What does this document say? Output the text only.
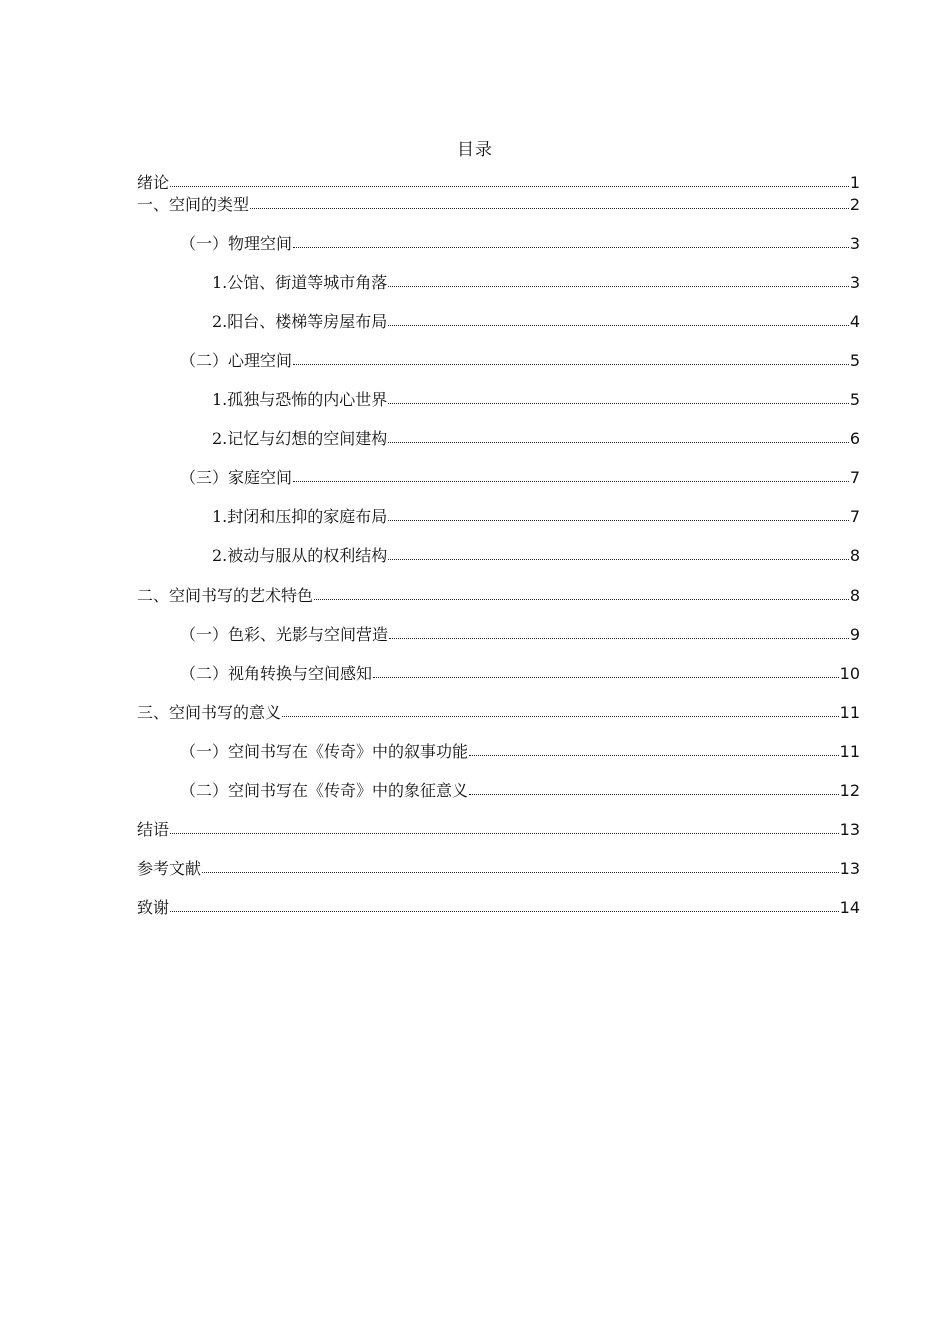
目录
绪论	1
一、空间的类型	2
（一）物理空间	3
1.公馆、街道等城市角落	3
2.阳台、楼梯等房屋布局	4
（二）心理空间	5
1.孤独与恐怖的内心世界	5
2.记忆与幻想的空间建构	6
（三）家庭空间	7
1.封闭和压抑的家庭布局	7
2.被动与服从的权利结构	8
二、空间书写的艺术特色	8
（一）色彩、光影与空间营造	9
（二）视角转换与空间感知	10
三、空间书写的意义	11
（一）空间书写在《传奇》中的叙事功能	11
（二）空间书写在《传奇》中的象征意义	12
结语	13
参考文献	13
致谢	14
